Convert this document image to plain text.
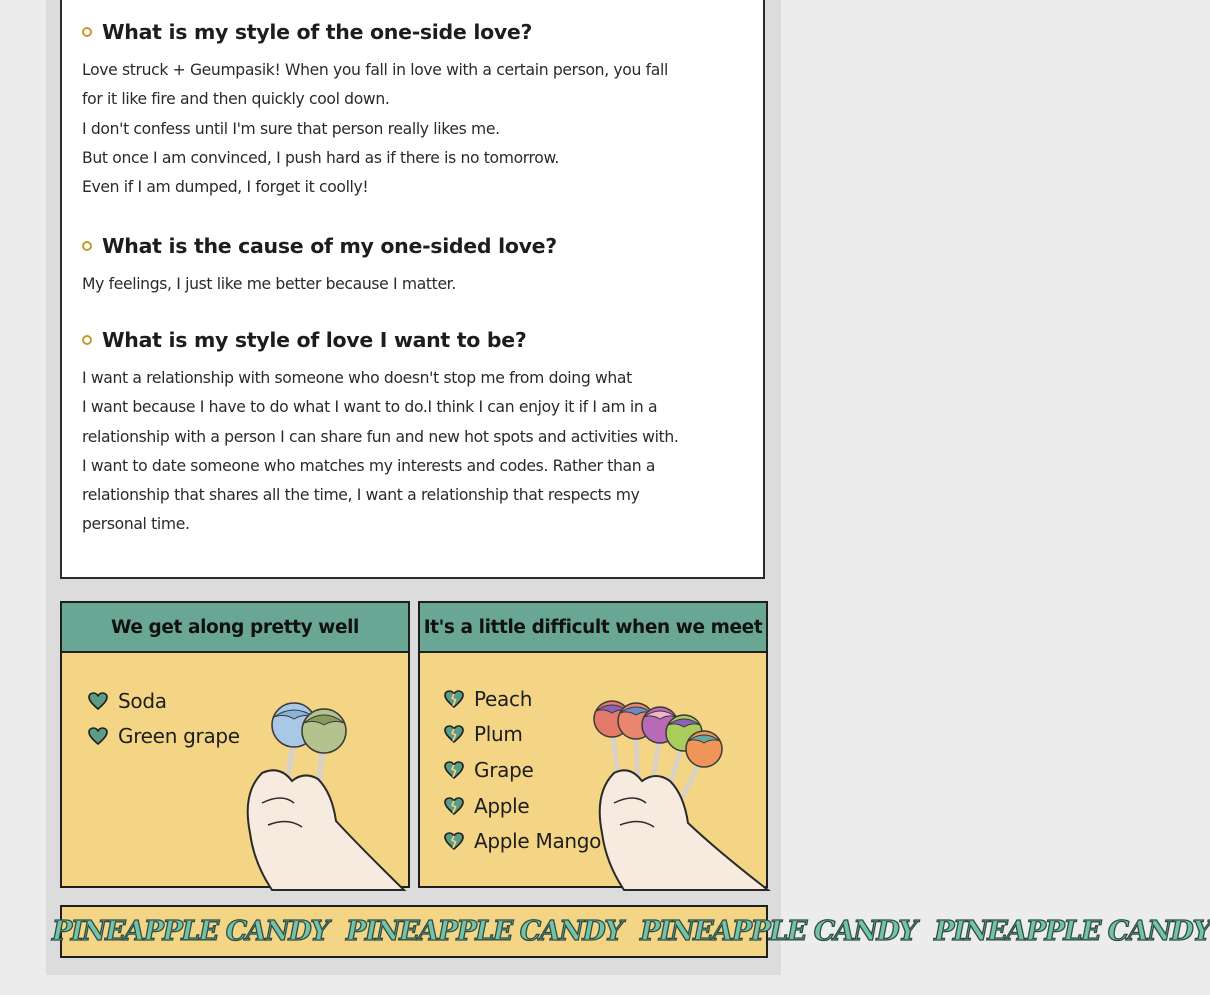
What is my style of the one-side love?
Love struck + Geumpasik! When you fall in love with a certain person, you fall
for it like fire and then quickly cool down.
I don't confess until I'm sure that person really likes me.
But once I am convinced, I push hard as if there is no tomorrow.
Even if I am dumped, I forget it coolly!
What is the cause of my one-sided love?
My feelings, I just like me better because I matter.
What is my style of love I want to be?
I want a relationship with someone who doesn't stop me from doing what
I want because I have to do what I want to do.I think I can enjoy it if I am in a
relationship with a person I can share fun and new hot spots and activities with.
I want to date someone who matches my interests and codes. Rather than a
relationship that shares all the time, I want a relationship that respects my
personal time.
We get along pretty well
Soda
Green grape
It's a little difficult when we meet
Peach
Plum
Grape
Apple
Apple Mango
PINEAPPLE CANDY PINEAPPLE CANDY PINEAPPLE CANDY PINEAPPLE CANDY
